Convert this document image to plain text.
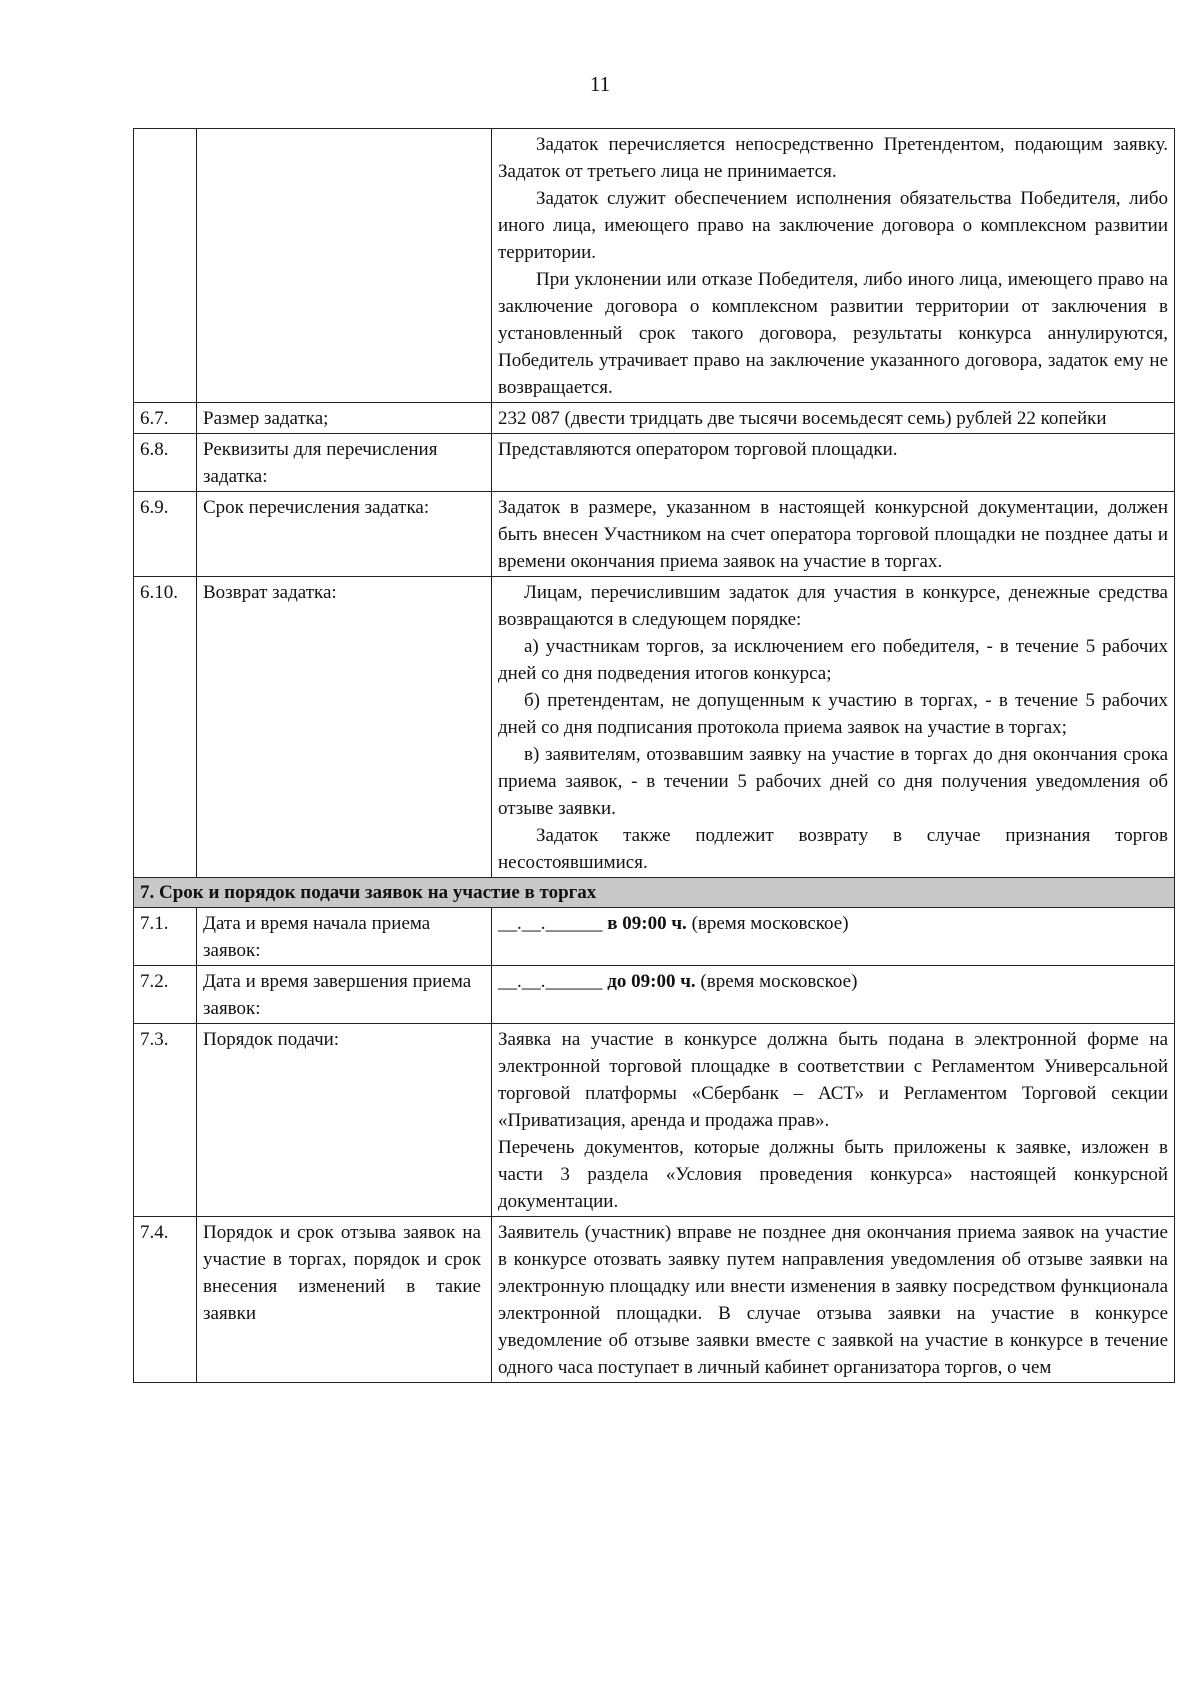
11

		Задаток перечисляется непосредственно Претендентом, подающим заявку. Задаток от третьего лица не принимается.

Задаток служит обеспечением исполнения обязательства Победителя, либо иного лица, имеющего право на заключение договора о комплексном развитии территории.

При уклонении или отказе Победителя, либо иного лица, имеющего право на заключение договора о комплексном развитии территории от заключения в установленный срок такого договора, результаты конкурса аннулируются, Победитель утрачивает право на заключение указанного договора, задаток ему не возвращается.

6.7.	Размер задатка;	232 087 (двести тридцать две тысячи восемьдесят семь) рублей 22 копейки

6.8.	Реквизиты для перечисления задатка:	Представляются оператором торговой площадки.

6.9.	Срок перечисления задатка:	Задаток в размере, указанном в настоящей конкурсной документации, должен быть внесен Участником на счет оператора торговой площадки не позднее даты и времени окончания приема заявок на участие в торгах.

6.10.	Возврат задатка:	Лицам, перечислившим задаток для участия в конкурсе, денежные средства возвращаются в следующем порядке:

а) участникам торгов, за исключением его победителя, - в течение 5 рабочих дней со дня подведения итогов конкурса;

б) претендентам, не допущенным к участию в торгах, - в течение 5 рабочих дней со дня подписания протокола приема заявок на участие в торгах;

в) заявителям, отозвавшим заявку на участие в торгах до дня окончания срока приема заявок, - в течении 5 рабочих дней со дня получения уведомления об отзыве заявки.

Задаток также подлежит возврату в случае признания торгов несостоявшимися.

7. Срок и порядок подачи заявок на участие в торгах		
7.1.	Дата и время начала приема заявок:	__.__.______ в 09:00 ч. (время московское)
7.2.	Дата и время завершения приема заявок:	__.__.______ до 09:00 ч. (время московское)
7.3.	Порядок подачи:	Заявка на участие в конкурсе должна быть подана в электронной форме на электронной торговой площадке в соответствии с Регламентом Универсальной торговой платформы «Сбербанк – АСТ» и Регламентом Торговой секции «Приватизация, аренда и продажа прав».

Перечень документов, которые должны быть приложены к заявке, изложен в части 3 раздела «Условия проведения конкурса» настоящей конкурсной документации.

7.4.	Порядок и срок отзыва заявок на участие в торгах, порядок и срок внесения изменений в такие заявки	Заявитель (участник) вправе не позднее дня окончания приема заявок на участие в конкурсе отозвать заявку путем направления уведомления об отзыве заявки на электронную площадку или внести изменения в заявку посредством функционала электронной площадки. В случае отзыва заявки на участие в конкурсе уведомление об отзыве заявки вместе с заявкой на участие в конкурсе в течение одного часа поступает в личный кабинет организатора торгов, о чем
